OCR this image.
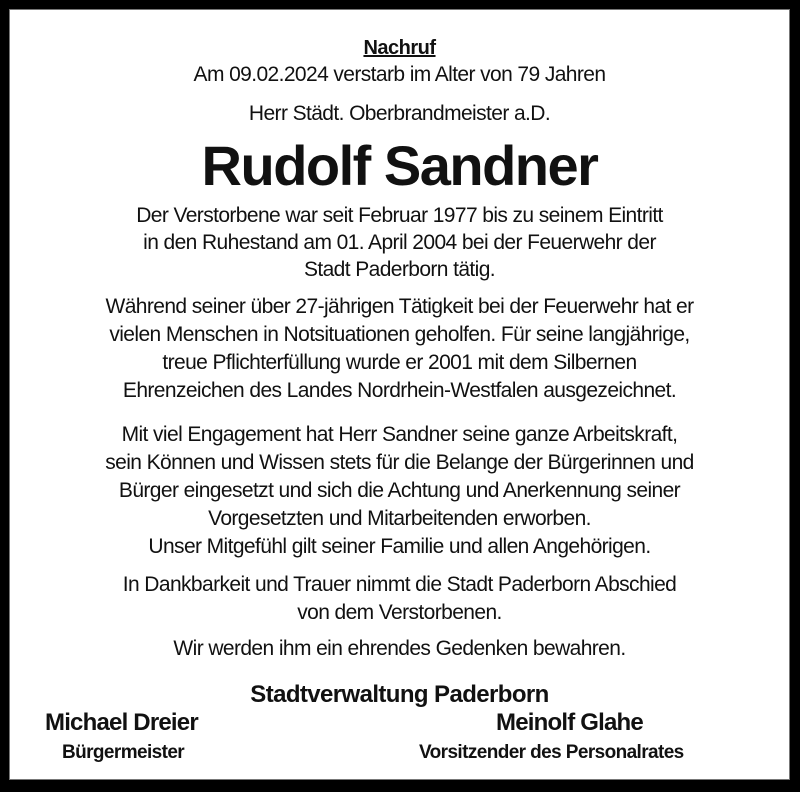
Nachruf
Am 09.02.2024 verstarb im Alter von 79 Jahren
Herr Städt. Oberbrandmeister a.D.
Rudolf Sandner
Der Verstorbene war seit Februar 1977 bis zu seinem Eintritt
in den Ruhestand am 01. April 2004 bei der Feuerwehr der
Stadt Paderborn tätig.
Während seiner über 27-jährigen Tätigkeit bei der Feuerwehr hat er
vielen Menschen in Notsituationen geholfen. Für seine langjährige,
treue Pflichterfüllung wurde er 2001 mit dem Silbernen
Ehrenzeichen des Landes Nordrhein-Westfalen ausgezeichnet.
Mit viel Engagement hat Herr Sandner seine ganze Arbeitskraft,
sein Können und Wissen stets für die Belange der Bürgerinnen und
Bürger eingesetzt und sich die Achtung und Anerkennung seiner
Vorgesetzten und Mitarbeitenden erworben.
Unser Mitgefühl gilt seiner Familie und allen Angehörigen.
In Dankbarkeit und Trauer nimmt die Stadt Paderborn Abschied
von dem Verstorbenen.
Wir werden ihm ein ehrendes Gedenken bewahren.
Stadtverwaltung Paderborn
Michael Dreier
Bürgermeister
Meinolf Glahe
Vorsitzender des Personalrates
